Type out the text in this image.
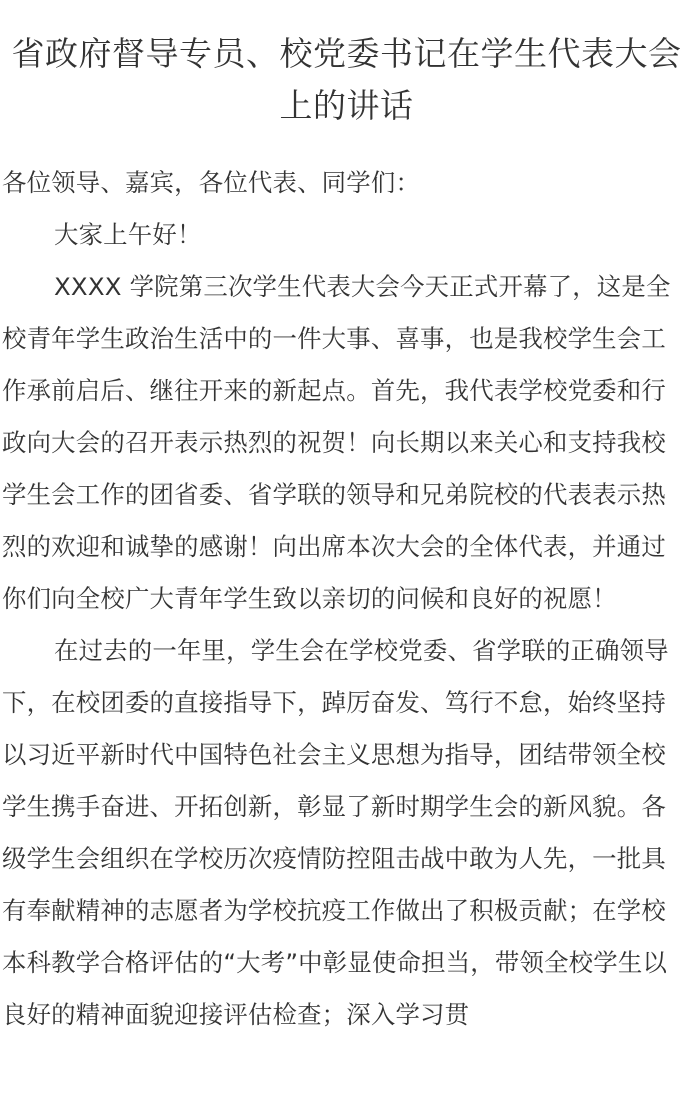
省政府督导专员、校党委书记在学生代表大会上的讲话

各位领导、嘉宾，各位代表、同学们：

大家上午好！

XXXX 学院第三次学生代表大会今天正式开幕了，这是全校青年学生政治生活中的一件大事、喜事，也是我校学生会工作承前启后、继往开来的新起点。首先，我代表学校党委和行政向大会的召开表示热烈的祝贺！向长期以来关心和支持我校学生会工作的团省委、省学联的领导和兄弟院校的代表表示热烈的欢迎和诚挚的感谢！向出席本次大会的全体代表，并通过你们向全校广大青年学生致以亲切的问候和良好的祝愿！

在过去的一年里，学生会在学校党委、省学联的正确领导下，在校团委的直接指导下，踔厉奋发、笃行不怠，始终坚持以习近平新时代中国特色社会主义思想为指导，团结带领全校学生携手奋进、开拓创新，彰显了新时期学生会的新风貌。各级学生会组织在学校历次疫情防控阻击战中敢为人先，一批具有奉献精神的志愿者为学校抗疫工作做出了积极贡献；在学校本科教学合格评估的“大考”中彰显使命担当，带领全校学生以良好的精神面貌迎接评估检查；深入学习贯
